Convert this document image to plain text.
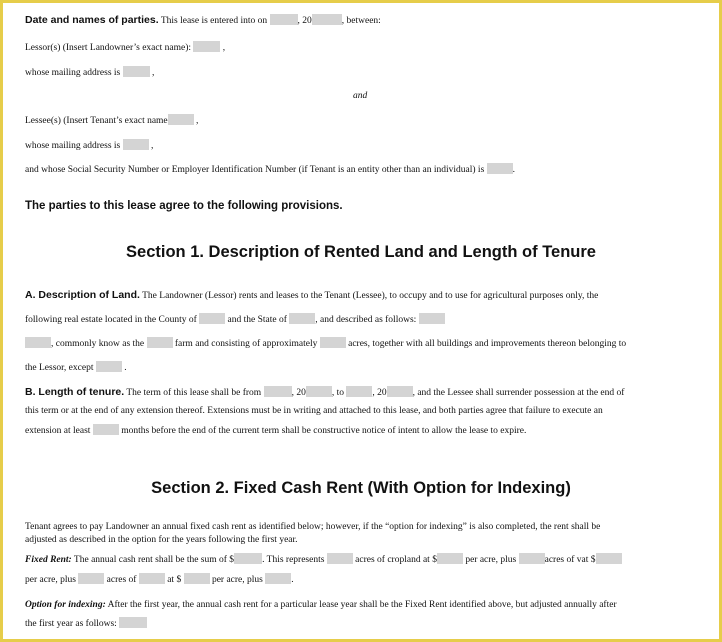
Date and names of parties. This lease is entered into on	, 20	, between:
Lessor(s) (Insert Landowner’s exact name):	,
whose mailing address is	,
and
Lessee(s) (Insert Tenant’s exact name	,
whose mailing address is	,
and whose Social Security Number or Employer Identification Number (if Tenant is an entity other than an individual) is	.
The parties to this lease agree to the following provisions.
Section 1. Description of Rented Land and Length of Tenure
A. Description of Land. The Landowner (Lessor) rents and leases to the Tenant (Lessee), to occupy and to use for agricultural purposes only, the
following real estate located in the County of	and the State of	, and described as follows:
, commonly know as the	farm and consisting of approximately	acres, together with all buildings and improvements thereon belonging to
the Lessor, except	.
B. Length of tenure. The term of this lease shall be from	, 20	, to	, 20	, and the Lessee shall surrender possession at the end of
this term or at the end of any extension thereof. Extensions must be in writing and attached to this lease, and both parties agree that failure to execute an
extension at least	months before the end of the current term shall be constructive notice of intent to allow the lease to expire.
Section 2. Fixed Cash Rent (With Option for Indexing)
Tenant agrees to pay Landowner an annual fixed cash rent as identified below; however, if the “option for indexing” is also completed, the rent shall be
adjusted as described in the option for the years following the first year.
Fixed Rent: The annual cash rent shall be the sum of $	. This represents	acres of cropland at $	per acre, plus	acres of vat $
per acre, plus	acres of	at $	per acre, plus	.
Option for indexing: After the first year, the annual cash rent for a particular lease year shall be the Fixed Rent identified above, but adjusted annually after
the first year as follows:
